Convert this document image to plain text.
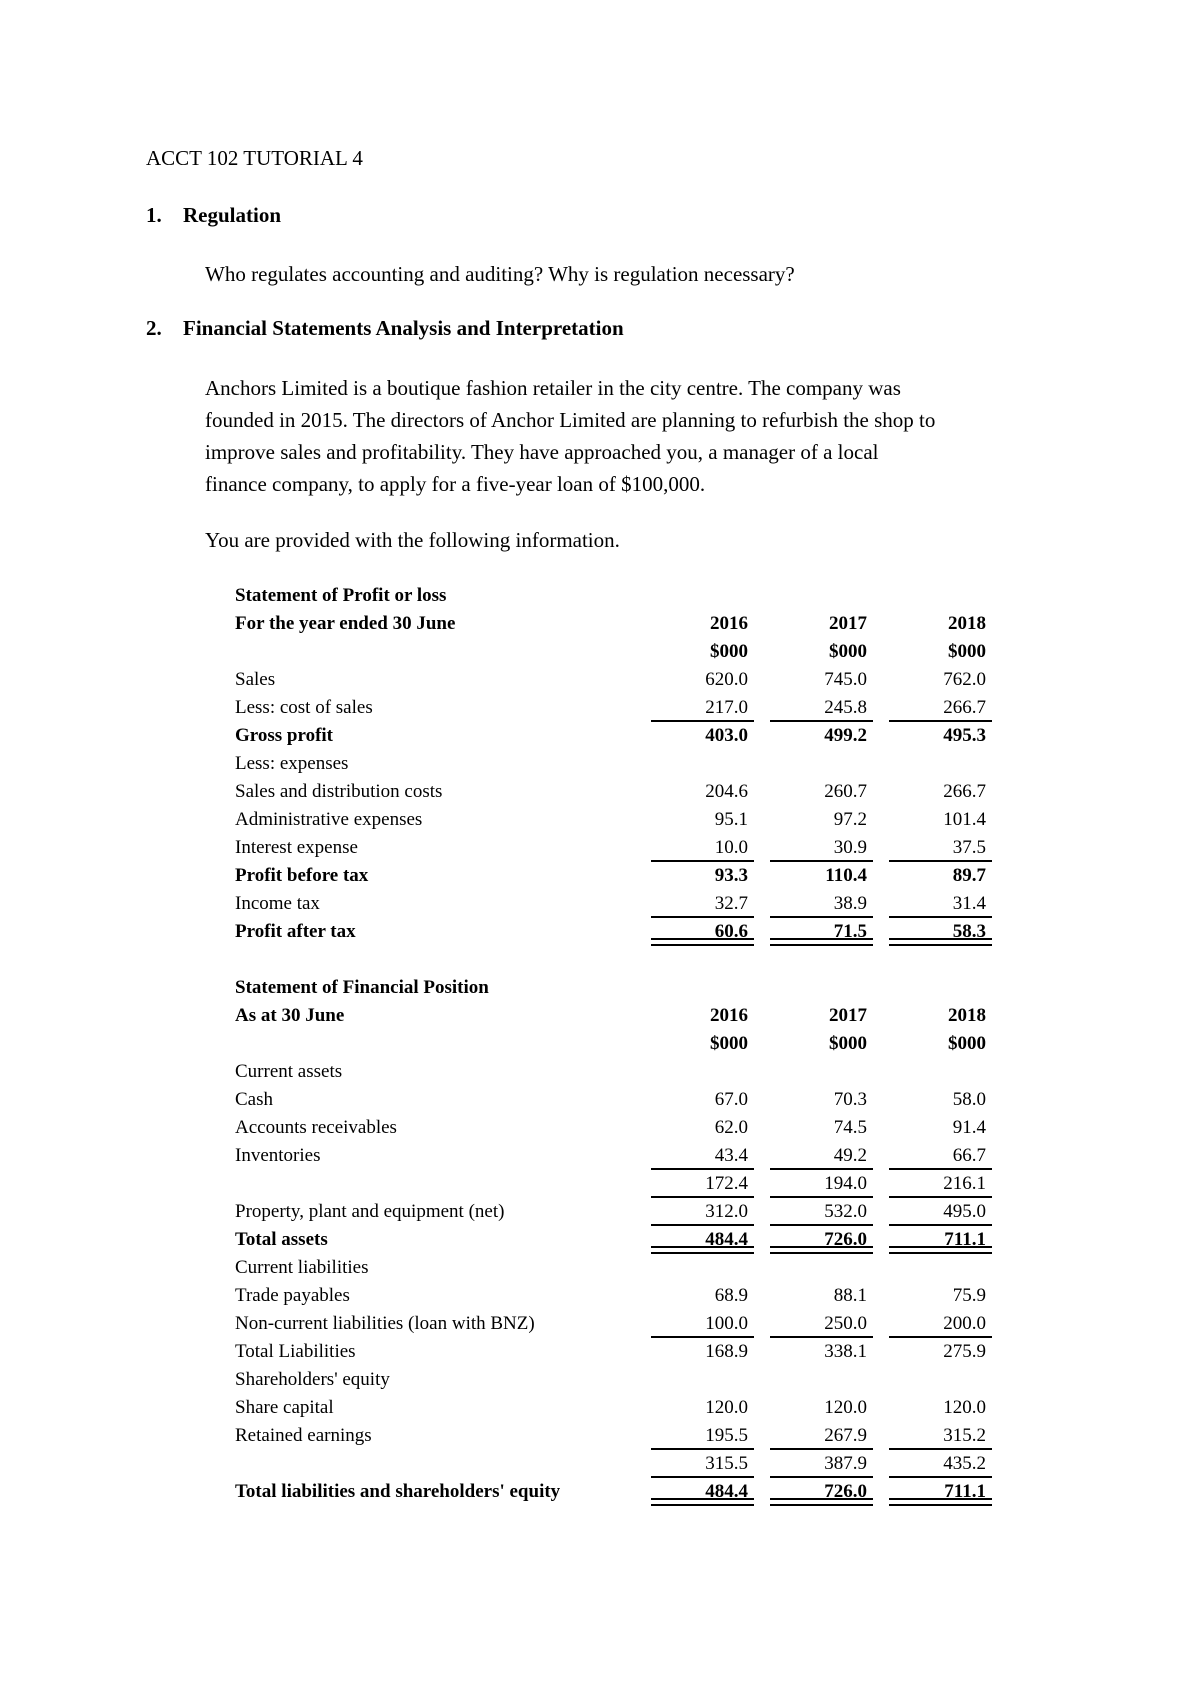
ACCT 102 TUTORIAL 4
1. Regulation
Who regulates accounting and auditing? Why is regulation necessary?
2. Financial Statements Analysis and Interpretation
Anchors Limited is a boutique fashion retailer in the city centre. The company was
founded in 2015. The directors of Anchor Limited are planning to refurbish the shop to
improve sales and profitability. They have approached you, a manager of a local
finance company, to apply for a five-year loan of $100,000.
You are provided with the following information.
Statement of Profit or loss						
For the year ended 30 June		2016		2017		2018
		$000		$000		$000
Sales		620.0		745.0		762.0
Less: cost of sales		217.0		245.8		266.7
Gross profit		403.0		499.2		495.3
Less: expenses						
Sales and distribution costs		204.6		260.7		266.7
Administrative expenses		95.1		97.2		101.4
Interest expense		10.0		30.9		37.5
Profit before tax		93.3		110.4		89.7
Income tax		32.7		38.9		31.4
Profit after tax		60.6		71.5		58.3
Statement of Financial Position						
As at 30 June		2016		2017		2018
		$000		$000		$000
Current assets						
Cash		67.0		70.3		58.0
Accounts receivables		62.0		74.5		91.4
Inventories		43.4		49.2		66.7
		172.4		194.0		216.1
Property, plant and equipment (net)		312.0		532.0		495.0
Total assets		484.4		726.0		711.1
Current liabilities						
Trade payables		68.9		88.1		75.9
Non-current liabilities (loan with BNZ)		100.0		250.0		200.0
Total Liabilities		168.9		338.1		275.9
Shareholders' equity						
Share capital		120.0		120.0		120.0
Retained earnings		195.5		267.9		315.2
		315.5		387.9		435.2
Total liabilities and shareholders' equity		484.4		726.0		711.1
